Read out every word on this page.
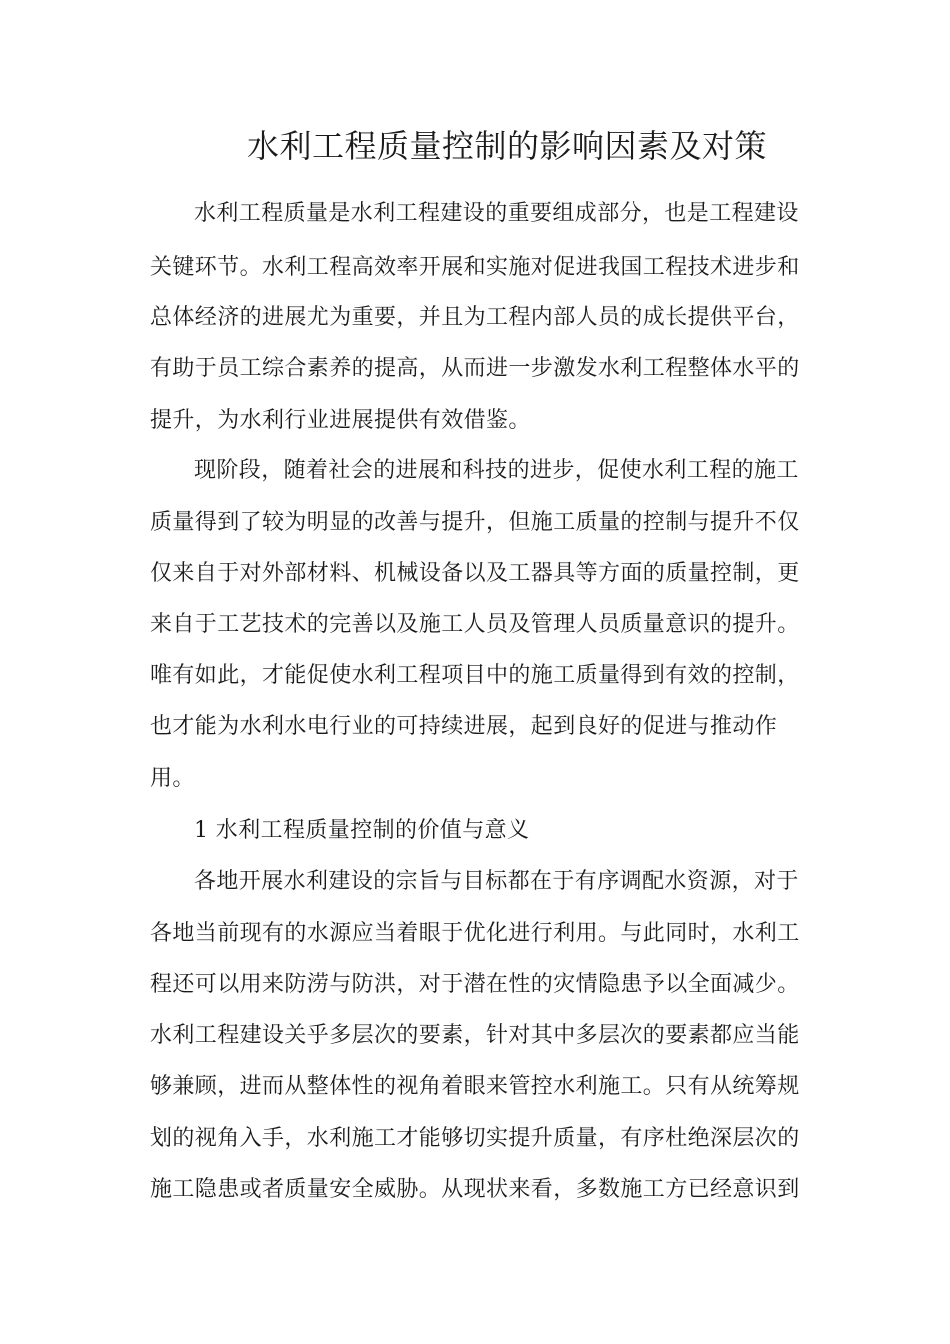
水利工程质量控制的影响因素及对策
水利工程质量是水利工程建设的重要组成部分，也是工程建设
关键环节。水利工程高效率开展和实施对促进我国工程技术进步和
总体经济的进展尤为重要，并且为工程内部人员的成长提供平台，
有助于员工综合素养的提高，从而进一步激发水利工程整体水平的
提升，为水利行业进展提供有效借鉴。
现阶段，随着社会的进展和科技的进步，促使水利工程的施工
质量得到了较为明显的改善与提升，但施工质量的控制与提升不仅
仅来自于对外部材料、机械设备以及工器具等方面的质量控制，更
来自于工艺技术的完善以及施工人员及管理人员质量意识的提升。
唯有如此，才能促使水利工程项目中的施工质量得到有效的控制，
也才能为水利水电行业的可持续进展，起到良好的促进与推动作
用。
1 水利工程质量控制的价值与意义
各地开展水利建设的宗旨与目标都在于有序调配水资源，对于
各地当前现有的水源应当着眼于优化进行利用。与此同时，水利工
程还可以用来防涝与防洪，对于潜在性的灾情隐患予以全面减少。
水利工程建设关乎多层次的要素，针对其中多层次的要素都应当能
够兼顾，进而从整体性的视角着眼来管控水利施工。只有从统筹规
划的视角入手，水利施工才能够切实提升质量，有序杜绝深层次的
施工隐患或者质量安全威胁。从现状来看，多数施工方已经意识到
